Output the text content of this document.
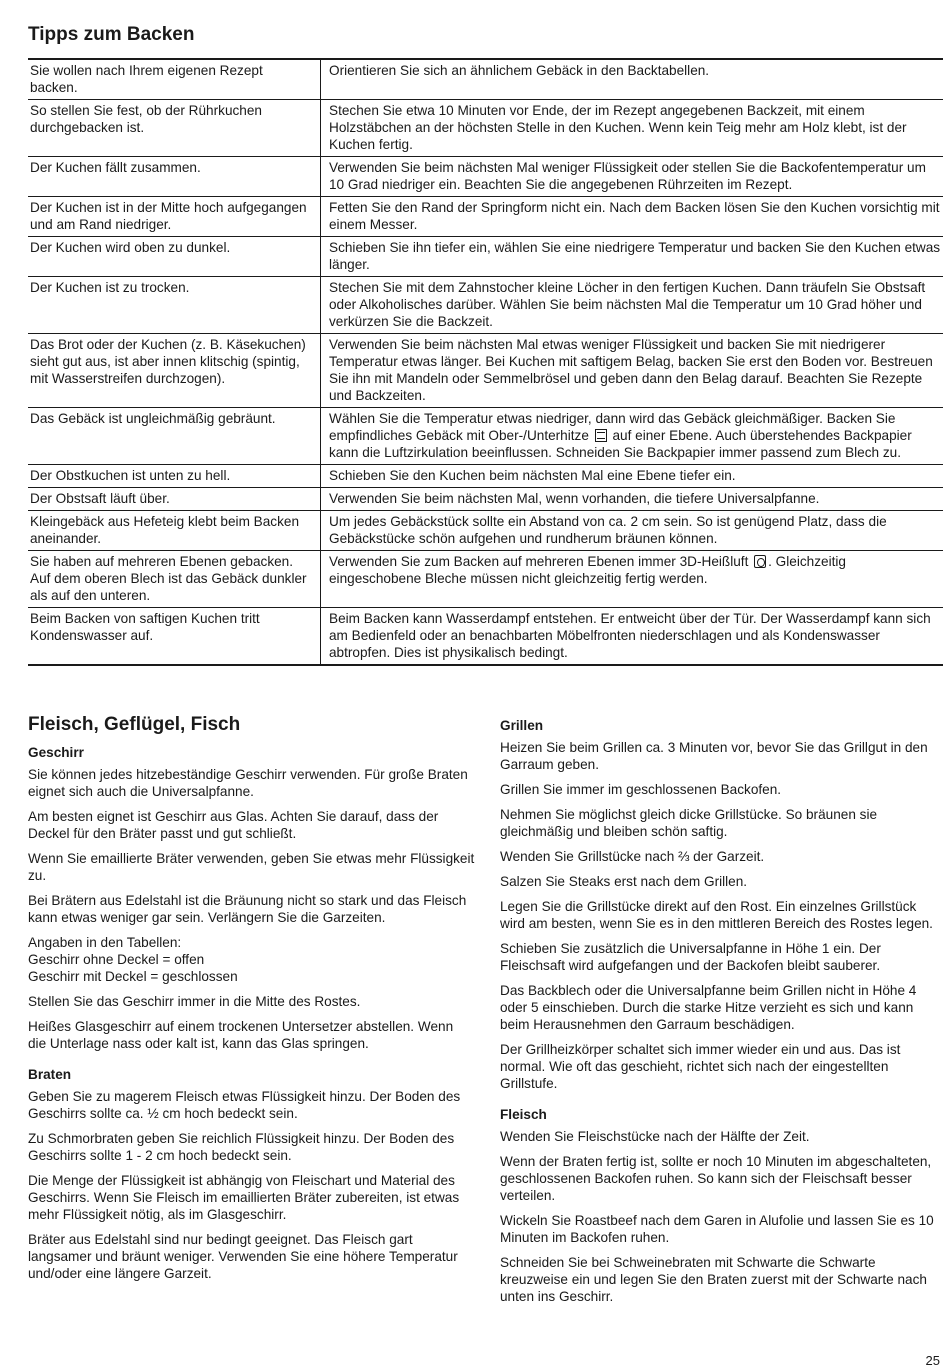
Tipps zum Backen
Sie wollen nach Ihrem eigenen Rezept backen.	Orientieren Sie sich an ähnlichem Gebäck in den Backtabellen.
So stellen Sie fest, ob der Rührkuchen durchgebacken ist.	Stechen Sie etwa 10 Minuten vor Ende, der im Rezept angegebenen Backzeit, mit einem Holzstäbchen an der höchsten Stelle in den Kuchen. Wenn kein Teig mehr am Holz klebt, ist der Kuchen fertig.
Der Kuchen fällt zusammen.	Verwenden Sie beim nächsten Mal weniger Flüssigkeit oder stellen Sie die Backofentemperatur um 10 Grad niedriger ein. Beachten Sie die angegebenen Rührzeiten im Rezept.
Der Kuchen ist in der Mitte hoch aufgegangen und am Rand niedriger.	Fetten Sie den Rand der Springform nicht ein. Nach dem Backen lösen Sie den Kuchen vorsichtig mit einem Messer.
Der Kuchen wird oben zu dunkel.	Schieben Sie ihn tiefer ein, wählen Sie eine niedrigere Temperatur und backen Sie den Kuchen etwas länger.
Der Kuchen ist zu trocken.	Stechen Sie mit dem Zahnstocher kleine Löcher in den fertigen Kuchen. Dann träufeln Sie Obstsaft oder Alkoholisches darüber. Wählen Sie beim nächsten Mal die Temperatur um 10 Grad höher und verkürzen Sie die Backzeit.
Das Brot oder der Kuchen (z. B. Käsekuchen) sieht gut aus, ist aber innen klitschig (spintig, mit Wasserstreifen durchzogen).	Verwenden Sie beim nächsten Mal etwas weniger Flüssigkeit und backen Sie mit niedrigerer Temperatur etwas länger. Bei Kuchen mit saftigem Belag, backen Sie erst den Boden vor. Bestreuen Sie ihn mit Mandeln oder Semmelbrösel und geben dann den Belag darauf. Beachten Sie Rezepte und Backzeiten.
Das Gebäck ist ungleichmäßig gebräunt.	Wählen Sie die Temperatur etwas niedriger, dann wird das Gebäck gleichmäßiger. Backen Sie empfindliches Gebäck mit Ober-/Unterhitze  auf einer Ebene. Auch überstehendes Backpapier kann die Luftzirkulation beeinflussen. Schneiden Sie Backpapier immer passend zum Blech zu.
Der Obstkuchen ist unten zu hell.	Schieben Sie den Kuchen beim nächsten Mal eine Ebene tiefer ein.
Der Obstsaft läuft über.	Verwenden Sie beim nächsten Mal, wenn vorhanden, die tiefere Universalpfanne.
Kleingebäck aus Hefeteig klebt beim Backen aneinander.	Um jedes Gebäckstück sollte ein Abstand von ca. 2 cm sein. So ist genügend Platz, dass die Gebäckstücke schön aufgehen und rundherum bräunen können.
Sie haben auf mehreren Ebenen gebacken. Auf dem oberen Blech ist das Gebäck dunkler als auf den unteren.	Verwenden Sie zum Backen auf mehreren Ebenen immer 3D-Heißluft . Gleichzeitig eingeschobene Bleche müssen nicht gleichzeitig fertig werden.
Beim Backen von saftigen Kuchen tritt Kondenswasser auf.	Beim Backen kann Wasserdampf entstehen. Er entweicht über der Tür. Der Wasserdampf kann sich am Bedienfeld oder an benachbarten Möbelfronten niederschlagen und als Kondenswasser abtropfen. Dies ist physikalisch bedingt.
Fleisch, Geflügel, Fisch
Geschirr

Sie können jedes hitzebeständige Geschirr verwenden. Für große Braten eignet sich auch die Universalpfanne.

Am besten eignet ist Geschirr aus Glas. Achten Sie darauf, dass der Deckel für den Bräter passt und gut schließt.

Wenn Sie emaillierte Bräter verwenden, geben Sie etwas mehr Flüssigkeit zu.

Bei Brätern aus Edelstahl ist die Bräunung nicht so stark und das Fleisch kann etwas weniger gar sein. Verlängern Sie die Garzeiten.

Angaben in den Tabellen:
Geschirr ohne Deckel = offen
Geschirr mit Deckel = geschlossen

Stellen Sie das Geschirr immer in die Mitte des Rostes.

Heißes Glasgeschirr auf einem trockenen Untersetzer abstellen. Wenn die Unterlage nass oder kalt ist, kann das Glas springen.

Braten

Geben Sie zu magerem Fleisch etwas Flüssigkeit hinzu. Der Boden des Geschirrs sollte ca. ½ cm hoch bedeckt sein.

Zu Schmorbraten geben Sie reichlich Flüssigkeit hinzu. Der Boden des Geschirrs sollte 1 - 2 cm hoch bedeckt sein.

Die Menge der Flüssigkeit ist abhängig von Fleischart und Material des Geschirrs. Wenn Sie Fleisch im emaillierten Bräter zubereiten, ist etwas mehr Flüssigkeit nötig, als im Glasgeschirr.

Bräter aus Edelstahl sind nur bedingt geeignet. Das Fleisch gart langsamer und bräunt weniger. Verwenden Sie eine höhere Temperatur und/oder eine längere Garzeit.

Grillen

Heizen Sie beim Grillen ca. 3 Minuten vor, bevor Sie das Grillgut in den Garraum geben.

Grillen Sie immer im geschlossenen Backofen.

Nehmen Sie möglichst gleich dicke Grillstücke. So bräunen sie gleichmäßig und bleiben schön saftig.

Wenden Sie Grillstücke nach ⅔ der Garzeit.

Salzen Sie Steaks erst nach dem Grillen.

Legen Sie die Grillstücke direkt auf den Rost. Ein einzelnes Grillstück wird am besten, wenn Sie es in den mittleren Bereich des Rostes legen.

Schieben Sie zusätzlich die Universalpfanne in Höhe 1 ein. Der Fleischsaft wird aufgefangen und der Backofen bleibt sauberer.

Das Backblech oder die Universalpfanne beim Grillen nicht in Höhe 4 oder 5 einschieben. Durch die starke Hitze verzieht es sich und kann beim Herausnehmen den Garraum beschädigen.

Der Grillheizkörper schaltet sich immer wieder ein und aus. Das ist normal. Wie oft das geschieht, richtet sich nach der eingestellten Grillstufe.

Fleisch

Wenden Sie Fleischstücke nach der Hälfte der Zeit.

Wenn der Braten fertig ist, sollte er noch 10 Minuten im abgeschalteten, geschlossenen Backofen ruhen. So kann sich der Fleischsaft besser verteilen.

Wickeln Sie Roastbeef nach dem Garen in Alufolie und lassen Sie es 10 Minuten im Backofen ruhen.

Schneiden Sie bei Schweinebraten mit Schwarte die Schwarte kreuzweise ein und legen Sie den Braten zuerst mit der Schwarte nach unten ins Geschirr.

25
